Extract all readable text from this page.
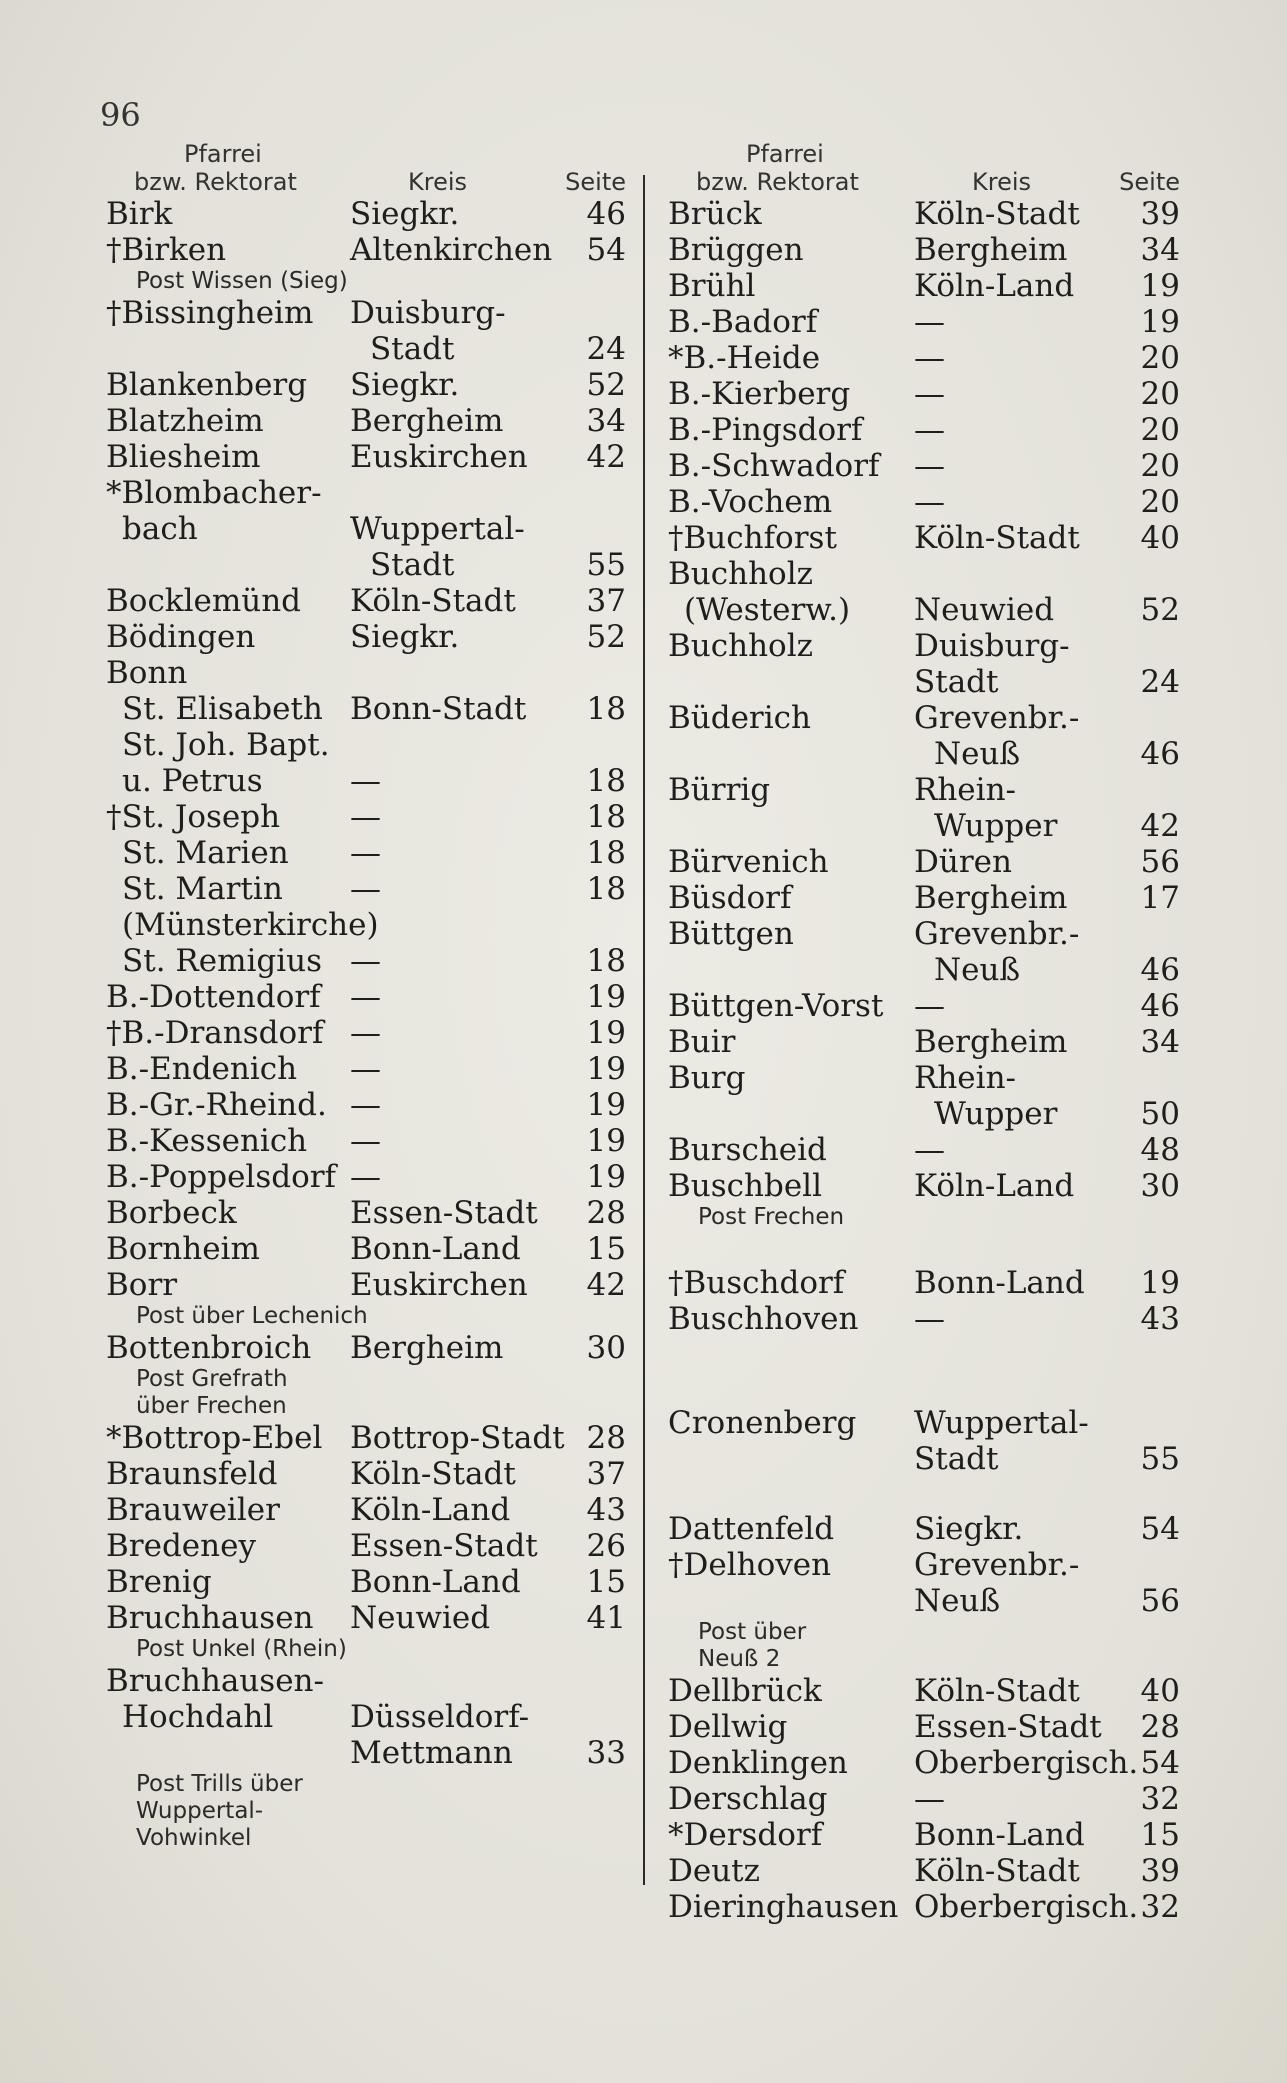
96
Pfarrei
bzw. Rektorat	Kreis	Seite
Birk	Siegkr.	46
†Birken	Altenkirchen 54
Post Wissen (Sieg)
†Bissingheim Duisburg-
Stadt	24
Blankenberg Siegkr.	52
Blatzheim	Bergheim	34
Bliesheim	Euskirchen 42
*Blombacher-
bach	Wuppertal-
Stadt	55
Bocklemünd Köln-Stadt 37
Bödingen	Siegkr.	52
Bonn
St. Elisabeth Bonn-Stadt 18
St. Joh. Bapt.
u. Petrus	—	18
†St. Joseph —	18
St. Marien —	18
St. Martin —	18
(Münsterkirche)
St. Remigius —	18
B.-Dottendorf —	19
†B.-Dransdorf —	19
B.-Endenich —	19
B.-Gr.-Rheind. —	19
B.-Kessenich —	19
B.-Poppelsdorf —	19
Borbeck	Essen-Stadt 28
Bornheim	Bonn-Land 15
Borr	Euskirchen 42
Post über Lechenich
Bottenbroich Bergheim	30
Post Grefrath
über Frechen
*Bottrop-Ebel Bottrop-Stadt 28
Braunsfeld Köln-Stadt 37
Brauweiler Köln-Land 43
Bredeney	Essen-Stadt 26
Brenig	Bonn-Land 15
Bruchhausen Neuwied	41
Post Unkel (Rhein)
Bruchhausen-
Hochdahl Düsseldorf-
Mettmann 33
Post Trills über
Wuppertal-
Vohwinkel
Pfarrei
bzw. Rektorat	Kreis	Seite
Brück	Köln-Stadt 39
Brüggen	Bergheim 34
Brühl	Köln-Land 19
B.-Badorf	—	19
*B.-Heide	—	20
B.-Kierberg —	20
B.-Pingsdorf —	20
B.-Schwadorf —	20
B.-Vochem	—	20
†Buchforst Köln-Stadt 40
Buchholz
(Westerw.) Neuwied	52
Buchholz	Duisburg-
Stadt	24
Büderich	Grevenbr.-
Neuß	46
Bürrig	Rhein-
Wupper	42
Bürvenich	Düren	56
Büsdorf	Bergheim 17
Büttgen	Grevenbr.-
Neuß	46
Büttgen-Vorst —	46
Buir	Bergheim 34
Burg	Rhein-
Wupper	50
Burscheid	—	48
Buschbell	Köln-Land 30
Post Frechen
†Buschdorf Bonn-Land 19
Buschhoven —	43
Cronenberg Wuppertal-
Stadt	55
Dattenfeld	Siegkr.	54
†Delhoven	Grevenbr.-
Neuß	56
Post über
Neuß 2
Dellbrück	Köln-Stadt 40
Dellwig	Essen-Stadt 28
Denklingen Oberbergisch. 54
Derschlag	—	32
*Dersdorf	Bonn-Land 15
Deutz	Köln-Stadt 39
Dieringhausen Oberbergisch. 32
